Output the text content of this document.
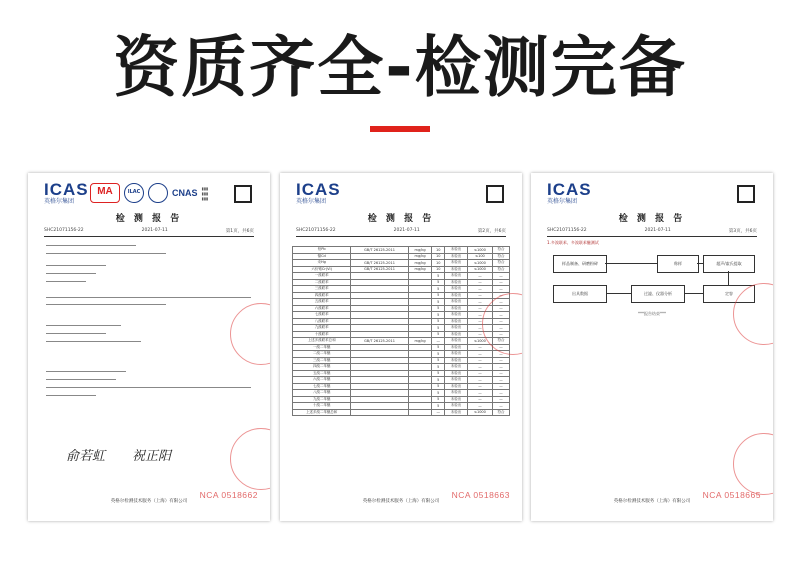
资质齐全-检测完备
ICAS
英格尔集团
MA	ILAC	CNAS ▮▮▮
▮▮▮
▮▮▮
检 测 报 告
SHC21071156-22	2021-07-11	第1页，共6页
俞若虹 祝正阳
英格尔检测技术服务（上海）有限公司
NCA 0518662
ICAS
英格尔集团
检 测 报 告
SHC21071156-22	2021-07-11	第2页，共6页
铅Pb	GB/T 26125-2011	mg/kg	10	未检出	≤1000	符合
镉Cd		mg/kg	10	未检出	≤100	符合
汞Hg	GB/T 26125-2011	mg/kg	10	未检出	≤1000	符合
六价铬Cr(VI)	GB/T 26125-2011	mg/kg	10	未检出	≤1000	符合
一溴联苯			5	未检出	—	—
二溴联苯			5	未检出	—	—
三溴联苯			5	未检出	—	—
四溴联苯			5	未检出	—	—
五溴联苯			5	未检出	—	—
六溴联苯			5	未检出	—	—
七溴联苯			5	未检出	—	—
八溴联苯			5	未检出	—	—
九溴联苯			5	未检出	—	—
十溴联苯			5	未检出	—	—
上述多溴联苯总和	GB/T 26125-2011	mg/kg	—	未检出	≤1000	符合
一溴二苯醚			5	未检出	—	—
二溴二苯醚			5	未检出	—	—
三溴二苯醚			5	未检出	—	—
四溴二苯醚			5	未检出	—	—
五溴二苯醚			5	未检出	—	—
六溴二苯醚			5	未检出	—	—
七溴二苯醚			5	未检出	—	—
八溴二苯醚			5	未检出	—	—
九溴二苯醚			5	未检出	—	—
十溴二苯醚			5	未检出	—	—
上述多溴二苯醚总和			—	未检出	≤1000	符合
英格尔检测技术服务（上海）有限公司
NCA 0518663
ICAS
英格尔集团
检 测 报 告
SHC21071156-22	2021-07-11	第3页，共6页
1.多溴联苯、多溴联苯醚测试
样品制备、研磨粉碎	称样	超声/索氏提取
定容
过滤、仪器分析
出具数据
***报告结束***
英格尔检测技术服务（上海）有限公司
NCA 0518665
